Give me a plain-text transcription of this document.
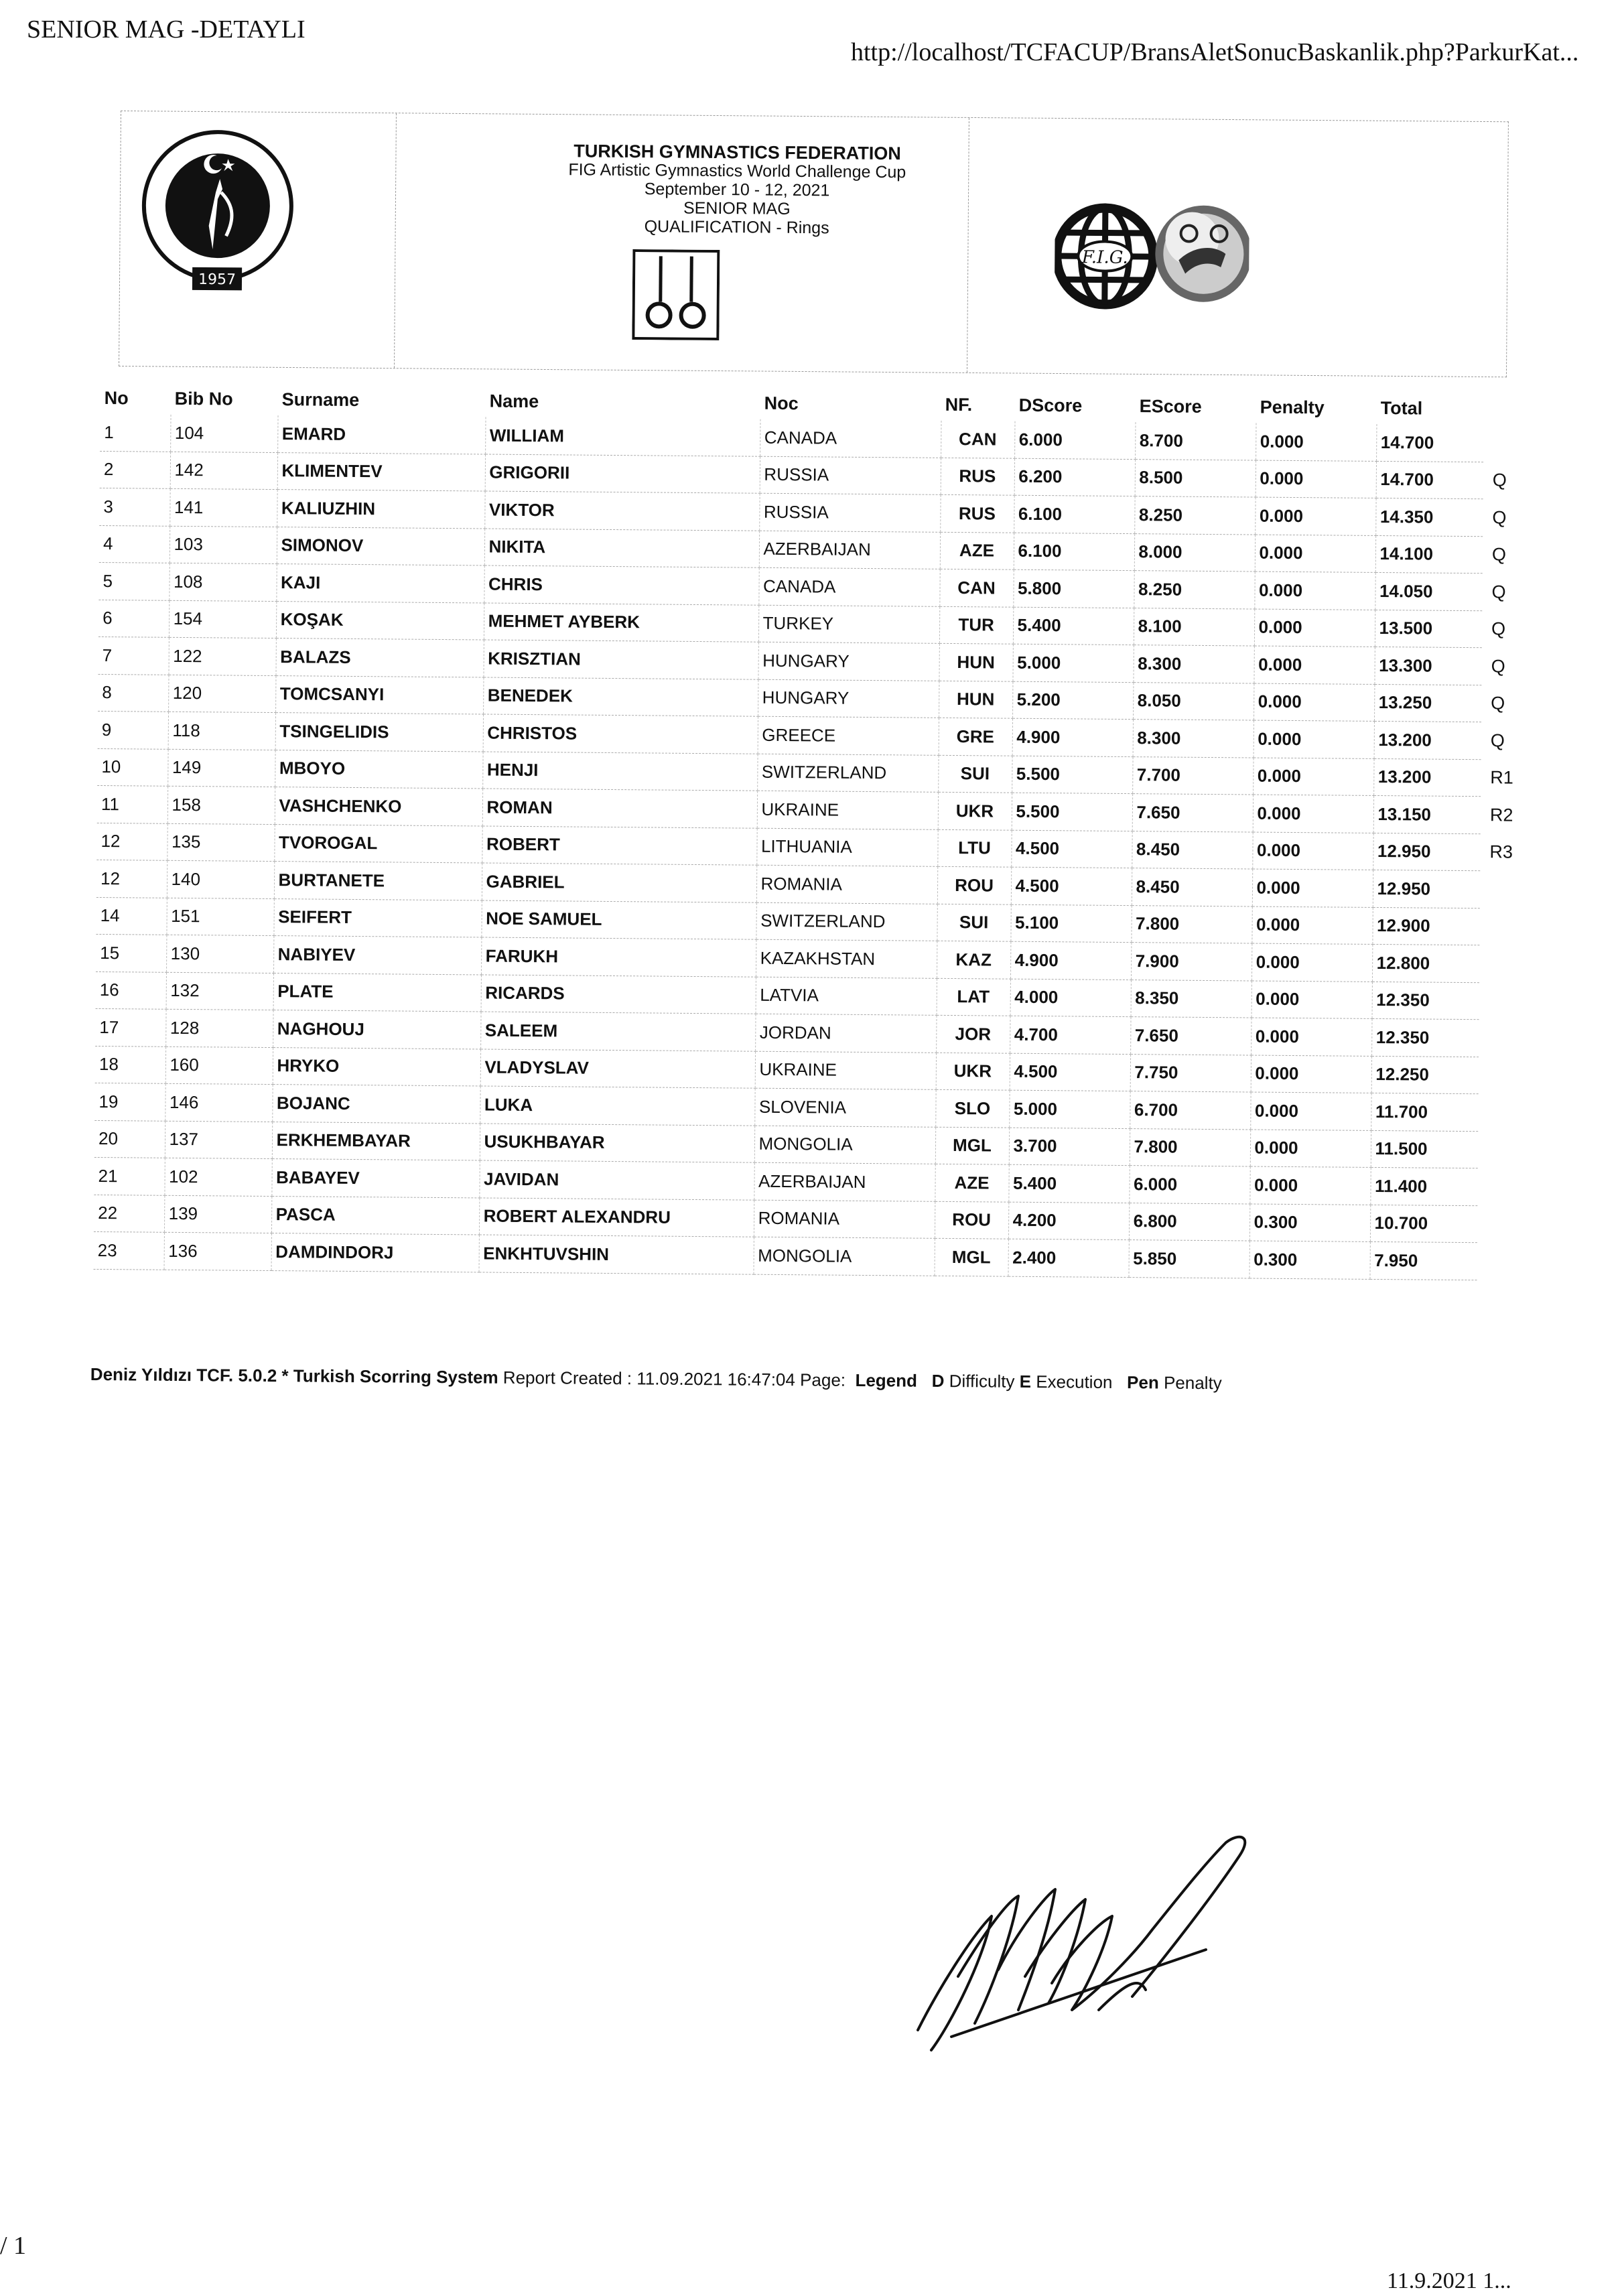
SENIOR MAG -DETAYLI
http://localhost/TCFACUP/BransAletSonucBaskanlik.php?ParkurKat...
1957
TURKISH GYMNASTICS FEDERATION
FIG Artistic Gymnastics World Challenge Cup
September 10 - 12, 2021
SENIOR MAG
QUALIFICATION - Rings
F.I.G.
No	Bib No	Surname	Name	Noc	NF.	DScore	EScore	Penalty	Total	
1	104	EMARD	WILLIAM	CANADA	CAN	6.000	8.700	0.000	14.700	
2	142	KLIMENTEV	GRIGORII	RUSSIA	RUS	6.200	8.500	0.000	14.700	Q
3	141	KALIUZHIN	VIKTOR	RUSSIA	RUS	6.100	8.250	0.000	14.350	Q
4	103	SIMONOV	NIKITA	AZERBAIJAN	AZE	6.100	8.000	0.000	14.100	Q
5	108	KAJI	CHRIS	CANADA	CAN	5.800	8.250	0.000	14.050	Q
6	154	KOŞAK	MEHMET AYBERK	TURKEY	TUR	5.400	8.100	0.000	13.500	Q
7	122	BALAZS	KRISZTIAN	HUNGARY	HUN	5.000	8.300	0.000	13.300	Q
8	120	TOMCSANYI	BENEDEK	HUNGARY	HUN	5.200	8.050	0.000	13.250	Q
9	118	TSINGELIDIS	CHRISTOS	GREECE	GRE	4.900	8.300	0.000	13.200	Q
10	149	MBOYO	HENJI	SWITZERLAND	SUI	5.500	7.700	0.000	13.200	R1
11	158	VASHCHENKO	ROMAN	UKRAINE	UKR	5.500	7.650	0.000	13.150	R2
12	135	TVOROGAL	ROBERT	LITHUANIA	LTU	4.500	8.450	0.000	12.950	R3
12	140	BURTANETE	GABRIEL	ROMANIA	ROU	4.500	8.450	0.000	12.950	
14	151	SEIFERT	NOE SAMUEL	SWITZERLAND	SUI	5.100	7.800	0.000	12.900	
15	130	NABIYEV	FARUKH	KAZAKHSTAN	KAZ	4.900	7.900	0.000	12.800	
16	132	PLATE	RICARDS	LATVIA	LAT	4.000	8.350	0.000	12.350	
17	128	NAGHOUJ	SALEEM	JORDAN	JOR	4.700	7.650	0.000	12.350	
18	160	HRYKO	VLADYSLAV	UKRAINE	UKR	4.500	7.750	0.000	12.250	
19	146	BOJANC	LUKA	SLOVENIA	SLO	5.000	6.700	0.000	11.700	
20	137	ERKHEMBAYAR	USUKHBAYAR	MONGOLIA	MGL	3.700	7.800	0.000	11.500	
21	102	BABAYEV	JAVIDAN	AZERBAIJAN	AZE	5.400	6.000	0.000	11.400	
22	139	PASCA	ROBERT ALEXANDRU	ROMANIA	ROU	4.200	6.800	0.300	10.700	
23	136	DAMDINDORJ	ENKHTUVSHIN	MONGOLIA	MGL	2.400	5.850	0.300	7.950	
Deniz Yıldızı TCF. 5.0.2 * Turkish Scorring System Report Created : 11.09.2021 16:47:04 Page: Legend D Difficulty E Execution Pen Penalty
/ 1
11.9.2021 1...
